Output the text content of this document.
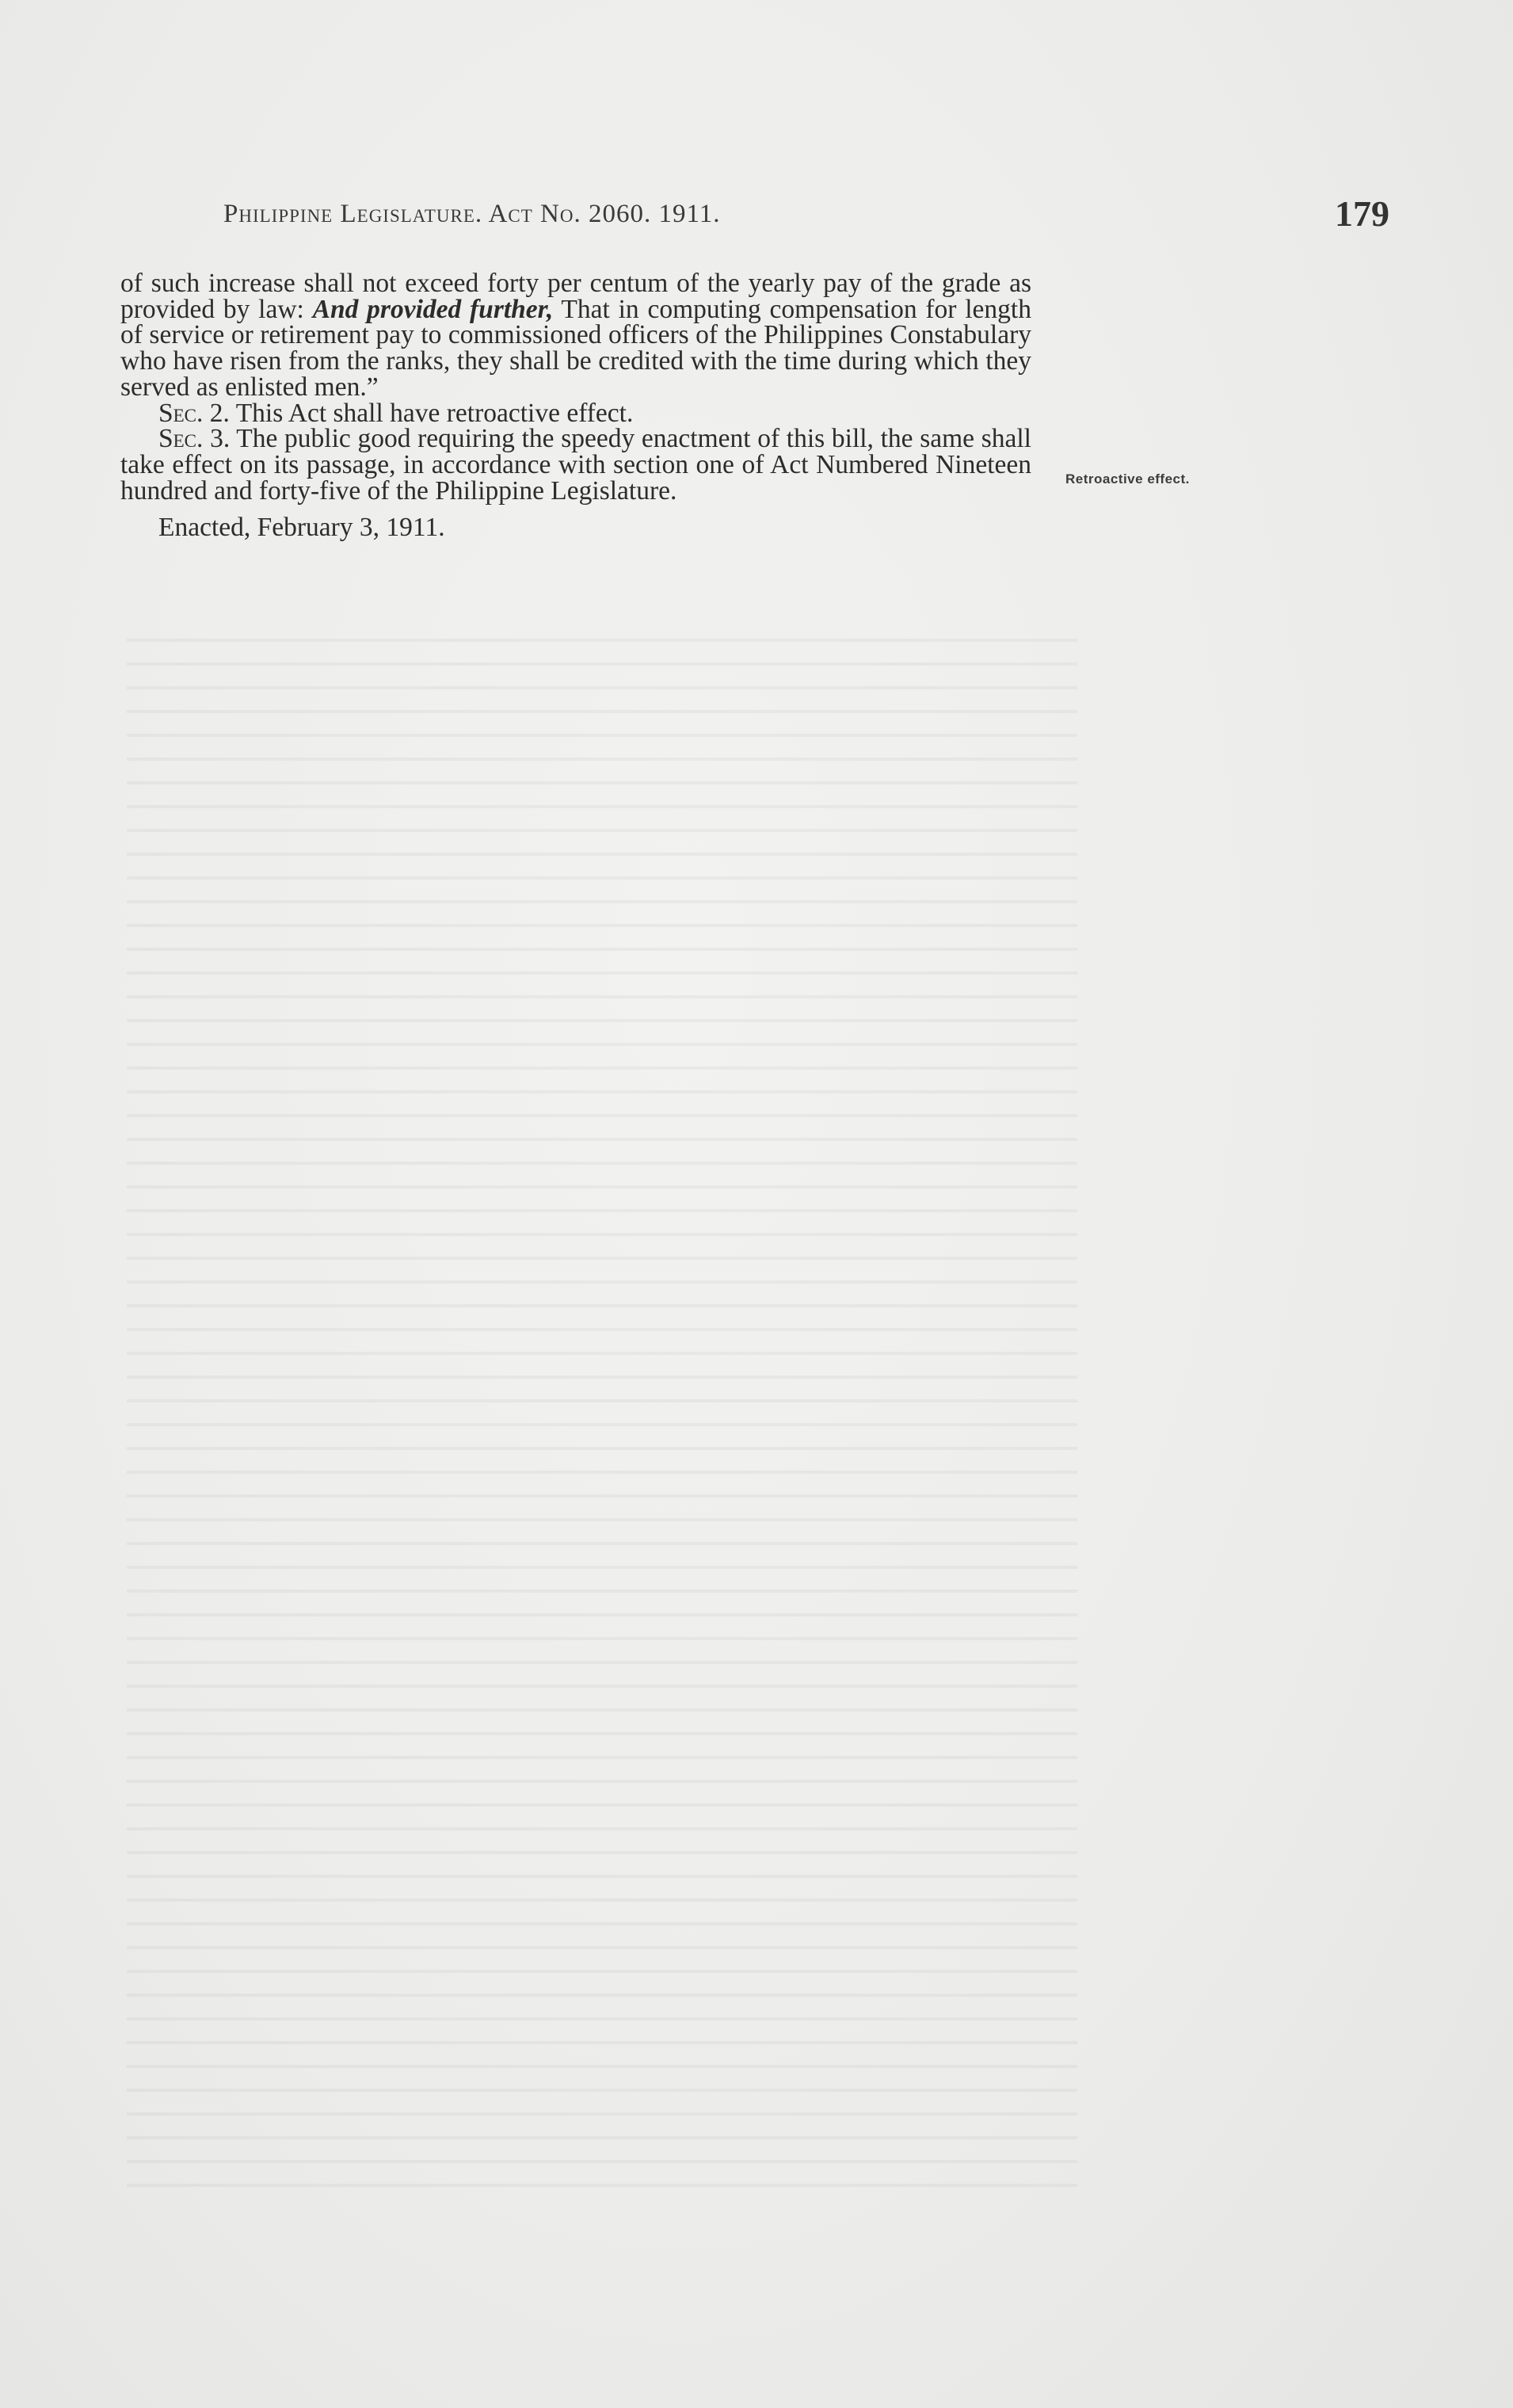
Philippine Legislature. Act No. 2060. 1911.	179

of such increase shall not exceed forty per centum of the yearly pay of the grade as provided by law: And provided further, That in computing compensation for length of service or retirement pay to commissioned officers of the Philippines Constabulary who have risen from the ranks, they shall be credited with the time during which they served as enlisted men.”

Sec. 2. This Act shall have retroactive effect.

Sec. 3. The public good requiring the speedy enactment of this bill, the same shall take effect on its passage, in accordance with section one of Act Numbered Nineteen hundred and forty-five of the Philippine Legislature.

Enacted, February 3, 1911.

Retroactive effect.
